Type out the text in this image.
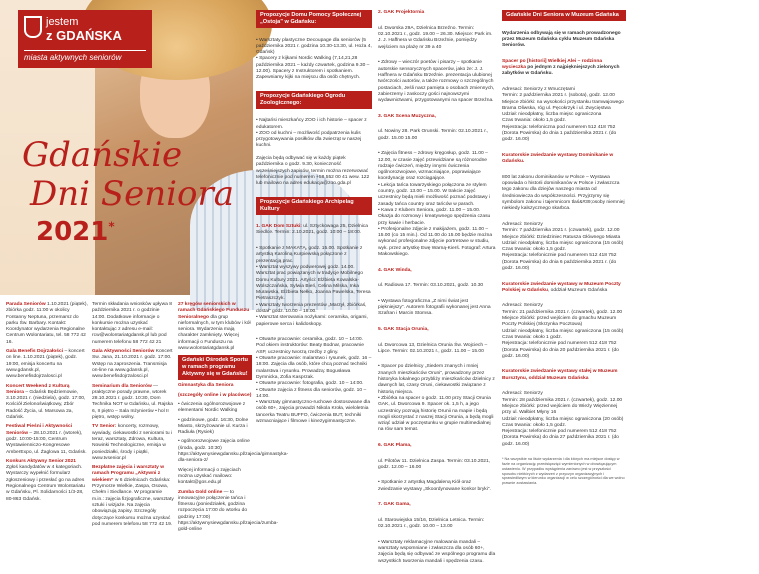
jestem
z GDAŃSKA
miasta aktywnych seniorów
Gdańskie
Dni Seniora
2021*

Parada Seniorów 1.10.2021 (piątek), zbiórka godz. 11:00 w okolicy Fontanny Neptuna, przemarsz do parku Św. Barbary. Kontakt: Koordynator wydarzenia Regionalne Centrum Wolontariatu, tel. 58 772 42 16.

Gala Benefis Dojrzałości – koncert on line. 1.10.2021 (piątek), godz. 19:00, emisja koncertu na www.gdansk.pl, www.benefisdojrzalosci.pl

Koncert Weekend z Kulturą Seniora – Gdańsk Będziemowie, 3.10.2021 r. (niedziela), godz. 17:00, Kościół Zielonoświątkowy, Zbór Radość Życia, ul. Marsowa 2a, Gdańsk.

Festiwal Pieśni i Aktywności Seniorów – 28.10.2021 r. (wtorek), godz. 10:00-15:00, Centrum Wystawienniczo-Kongresowe AmberExpo, ul. Żaglowa 11, Gdańsk.

Konkurs Aktywny Senior 2021 Zgłoś kandydatów w 4 kategoriach. Wystarczy wypełnić formularz zgłoszeniowy i przesłać go na adres Regionalnego Centrum Wolontariatu w Gdańsku, Pl. Solidarności 1/3-28, 80-863 Gdańsk.

Termin składania wniosków upływa 8 października 2021 r. o godzinie 14:00. Dodatkowe informacje o konkursie można uzyskać kontaktując z adresu e-mail: rcw@wolontariatgdansk.pl lub pod numerem telefonu 58 772 42 21

Gala Aktywności Seniorów Koncert Sw. Jana, 21.10.2021 r. godz. 17:00. Wstęp na zaproszenia. Transmisja on-line na www.gdansk.pl, www.benefisdojrzalosci.pl

Seminarium dla Seniorów — praktyczne porady prawne, wtorek 28.10.2021 r. godz. 10:30, Dom Technika NOT w Gdańsku, ul. Rajska 6, II piętro – Sala Inżynierów • hol II piętro, wstęp wolny.

TV Senior: koncerty, rozmowy, wywiady, ciekawostki z seniorami tu i teraz, warsztaty, Zdrowa, Kultura, Nowinki Technologiczne, emisja w poniedziałki, środy i piątki, www.tvsenior.pl

Bezpłatne zajęcia i warsztaty w ramach Programu „Aktywni z wiekiem” w 6 dzielnicach Gdańska: Przymorze Wielkie, Zaspa, Osowa, Chełm i Siedlance. W programie m.in.: zajęcia fizjograficzne, warsztaty sztuki i wizjaże. Na zajęcia obowiązują zapisy. Szczegóły dotyczące konkursu można uzyskać pod numerem telefonu 58 772 42 19.

27 kręgów seniorskich w ramach Gdańskiego Funduszu Senioralnego dla grup nieformalnych, w tym klubów i kół seniora. Wydarzenia mają charakter zamknięty. Więcej informacji o Funduszu na www.wolontariatgdansk.pl

Gdański Ośrodek Sportu w ramach programu Aktywny się w Gdańsku!

Gimnastyka dla Seniora

(szczegóły online i w placówce)

• ćwiczenia ogólnorozwojowe z elementami Nordic Walking

• godzinowe, godz. 16:30, Dolne Miasto, skrzyżowanie ul. Kurza i Radiuła (Rysiek)

• ogólnorozwojowe zajęcia online (środa, godz. 10:30) https://aktywnysiewgdansku.pl/zajecia/gimnastyka-dla-seniora-2/

Więcej informacji o zajęciach można uzyskać mailowo: kontakt@gos.edu.pl

Zumba Gold online — to innowacyjne połączenie tańca i fitnessu (poniedziałek, godzina rozpoczęcia 17:00 do wtorku do godziny 17:00) https://aktywnysiewgdansku.pl/zajecia/zumba-gold-online

Propozycje Domu Pomocy Społecznej „Ostoja” w Gdańsku:

• Warsztaty plastyczne Decoupage dla seniorów (5 października 2021 r. godzina 10.30-13.30, ul. Hoża 4, Gdańsk)
• Spacery z kijkami Nordic Walking (7,14,21,28 października 2021 – każdy czwartek, godzina 9.30 – 12.00). Spacery z Instruktorem i spotkaniem. Zapewniamy kijki na miejscu dla osób chętnych.

Propozycje Gdańskiego Ogrodu Zoologicznego:

• Najtańsi mieszkańcy ZOO i ich historie – spacer z edukatorem.
• ZOO od kuchni – możliwość podpatrzenia kulis przygotowywania posiłków dla zwierząt w naszej kuchni.

Zajęcia będą odbywać się w każdy piątek października o godz. 9.30, konieczność wcześniejszych zapisów, termin można rezerwować telefonicznie pod numerem +58 552 00 41 wew. 122 lub mailowo na adres edukacja@zoo.gda.pl

Propozycje Gdańskiego Archipelag Kultury

1. GAK Dom Sztuki: ul. Sztyckowaga 25, Dzielnica Siedlce. Termin: 2.10.2021, godz. 10:00 – 18:00.

• Spotkanie z MAKATĄ, godz. 15.00. Spotkanie z artystką Karoliną Kurpiewską połączone z prezentacją prac.
• Warsztat wyszywy podwerowej godz. 14.00. Warsztat prac powiązanych w tradycje Mobilnego Domu Kultury 2021. Artyści: Elżbieta Kowalska-Wolszczańska, Sylwia Bień, Celina Milska, Inka Murawska, Elżbieta Nełko, Joanna Pawelska, Teresa Pietraszczyk.
• Warsztaty tworzenia prezentów „Marzył, zbiórkaś, dostał” godz. 10.00 – 18.00.
• Warsztat sterowania nożykami: ceramika, origami, papierowe serca i kalidoskopy.

• Otwarte pracownie: ceramika, godz. 10 – 14:00. Pod okiem instruktorów: Beaty Bodnar, pracownie ASP, uczestnicy tworzą rzeźby z gliny.
• Otwarte pracownie: malarstwo i rysunek, godz. 16 – 18:00. Zajęcia dla osób, które chcą poznać techniki malarstwa i rysunku. Prowadzą: Bogusława Dymnicka, Zofia Kasprzak.
• Otwarte pracownie: fotografia, godz. 10 – 14:00.
• Otwarte zajęcia z fitness dla seniorów, godz. 10 – 14:00.
• Warsztaty gimnastyczno-ruchowe dostosowane dla osób 60+, zajęcia prowadzi Nikola Kroła, wieloletnia tancerka Teatru BUFFO, ćwiczenia BUT, techniki wzmacniające i filmowe i kinezygimnastyczne.

2. GAK Projektornia

ul. Dworska 29A, Dzielnica Brzeźno. Termin: 02.10.2021 r., godz. 19.00 – 26.30. Miejsce: Park im. J. J. Haffnera w Gdańsku Brzeźnie, pomiędzy wejściem na plażę nr 39 a 40

• Zdrowy – wieczór poetów i pisarzy – spotkanie autorskie sensorycznych spacerów, jako że: J. J. Haffnera w Gdańsku Brzeźnie. prezentacja ulubionej twórczości autorów, a także rozmowy o szczególnych postaciach, Jeśli nasz pamięta o osobach zmiennych, zabierzemy i zaskoczy gości najnowszymi wydawnictwami, przygotowanymi na spacer Brzeźna.

3. GAK Scena Muzyczna,

ul. Nowiny 28. Park Orunski. Termin: 02.10.2021 r., godz. 15.00 15.00

• Zajęcia fitness – zdrowy kręgosłup, godz. 11.00 – 12.00, w czasie zajęć przewidziane są różnorodne rodzaje ćwiczeń, między innymi ćwiczenia ogólnorozwojowe, wzmacniające, poprawiające koordynację oraz rozciągające.
• Lekcja tańca towarzyskiego połączona ze stylem country, godz. 13.00 – 15.00. W trakcie zajęć uczestnicy będą mieli możliwość poznać podstawy i zasady tańca country oraz tańców w parach.
• Kawa z Klubem Seniora, godz. 11.00 – 15.00. Okazja do rozmowy i kreatywnego spędzenia czasu przy kawie i herbacie.
• Profesjonalne zdjęcie z makijażem, godz. 11.00 – 15.00 (co 15 min.). Od 11.00 do 15.00 będzie można wykonać profesjonalne zdjęcie portretowe w studiu, wyk. przez artystkę Ewę Warną-Kierś. Fotograf: Artura Makowskiego.

4. GAK Winda,

ul. Radiowa 17. Termin: 03.10.2021, godz. 10.30

• Wystawa fotograficzna „Z nimi świat jest piękniejszy”. Autorem fotografii wykonanej jest Anna Szafran i Marcin Stomsa.

5. GAK Stacja Orunia,

ul. Dworcowa 13, Dzielnica Orunia Św. Wojciech – Lipce. Termin: 02.10.2021 r., godz. 11.00 – 15.00

• Spacer po dzielnicy „Siedem znanych i mniej znanych mieszkańców Oruni”, prowadzony przez historyka lokalnego przybliży mieszkańców dzielnicy z dawnych lat, czasy Oruni, ciekawostki związane z historią miejsca.
• Zbiórka na spacer o godz. 11.00 przy Stacji Orunia GAK, ul. Dworcowa 9. Spacer ok. 1,5 h, a jego uczestnicy poznają historię Orunii na mapie i będą mogli skorzystać z naszej Stacji Orunia, a będą mogli wziąć udział w poczęstunku w grupie multimedialnej na rów sam temat.

6. GAK Plama,

ul. Pilotów 11. Dzielnica Zaspa. Termin: 03.10.2021, godz. 12.00 – 16.00

• Spotkanie z artystką Magdaleną Kiół oraz zwiedzanie wystawy „Skoordynowane konkor bryki”.

7. GAK Gama,

ul. Starowiejska 15/16, Dzielnica Letnica. Termin: 02.10.2021 r., godz. 10.00 – 13.00

• Warsztaty reklamacyjne malowania mandali – warsztaty wspomniane i zwłaszcza dla osób 60+, zajęcia będą się odbywać ze wspólnego programu dla wszystkich tworzenia mandali i spędzenia czasu.

Gdańskie Dni Seniora w Muzeum Gdańska

Wydarzenia odbywają się w ramach prowadzonego przez Muzeum Gdańska cyklu Muzeum Gdańska Seniorów.

Spacer po [historii] Wielkiej Alei – rodzinna wycieczka po jednym z najpiękniejszych zielonych zabytków w Gdańsku.

Adresaci: Seniorzy z Wnuczętami
Termin: 2 października 2021 r. (sobota), godz. 12.00
Miejsce zbiórki: na wysokości przystanku tramwajowego Brama Oliwska, róg ul. Pęcokrzyk i ul. Zwycięstwa
Udział: nieodpłatny, liczba miejsc ograniczona
Czas trwania: około 1,5 godz.
Rejestracja: telefoniczna pod numerem 512 418 752 (Dorota Powirska) do dnia 1 października 2021 r. (do godz. 16.00)

Kuratorskie zwiedzanie wystawy Dominikanie w Gdańsku.

800 lat zakonu dominikanów w Polsce – Wystawa opowiada o historii dominikanów w Polsce i zwłaszcza tego zakonu dla dziejów naszego miasta od średniowiecza do współczesności. Przyjrzymy się symbolom zakonu i tajemnicom tlaś&#39;osoby niemniej niekiedy kalszycznego skarbca.

Adresaci: Seniorzy
Termin: 7 października 2021 r. (czwartek), godz. 12.00
Miejsce zbiórki: Dziedziniec Ratusza Głównego Miasta
Udział: nieodpłatny, liczba miejsc ograniczona (15 osób)
Czas trwania: około 1,5 godz.
Rejestracja: telefonicznie pod numerem 512 418 752 (Dorota Powirska) do dnia 6 października 2021 r. (do godz. 16.00)

Kuratorskie zwiedzanie wystawy w Muzeum Poczty Polskiej w Gdańsku, oddział Muzeum Gdańska

Adresaci: Seniorzy
Termin: 21 października 2021 r. (czwartek), godz. 12.00
Miejsce zbiórki: przed wejściem do gmachu Muzeum Poczty Polskiej (Skrzynka Pocztowa)
Udział: nieodpłatny, liczba miejsc ograniczona (15 osób)
Czas trwania: około 1 godz.
Rejestracja: telefonicznie pod numerem 512 418 752 (Dorota Powirska) do dnia 20 października 2021 r. (do godz. 16.00)

Kuratorskie zwiedzanie wystawy stałej w Muzeum Bursztynu, oddział Muzeum Gdańska

Adresaci: Seniorzy
Termin: 28 października 2021 r. (czwartek), godz. 12.00
Miejsce zbiórki: przed wejściem do Wieży Więziennej przy ul. Wałbiet Młyny 16
Udział: nieodpłatny, liczba miejsc ograniczona (20 osób)
Czas trwania: około 1,5 godz.
Rejestracja: telefonicznie pod numerem 512 418 752 (Dorota Powirska) do dnia 27 października 2021 r. (do godz. 16.00)

* Na wszystkie na liście wydarzenia i dla których ma miejsce dostęp w fazie na organizację przedsięwzięć wymienionych w obowiązującym ustawieniu. W przypadku wystąpienia zarówno jest w przyszłości sposobu niektórych z wydarzeń z przyczyn organizacyjnych i sprawiedliwym w kierunku organizacji w celu szczególności dla we wolno prawnie zostawiania.
